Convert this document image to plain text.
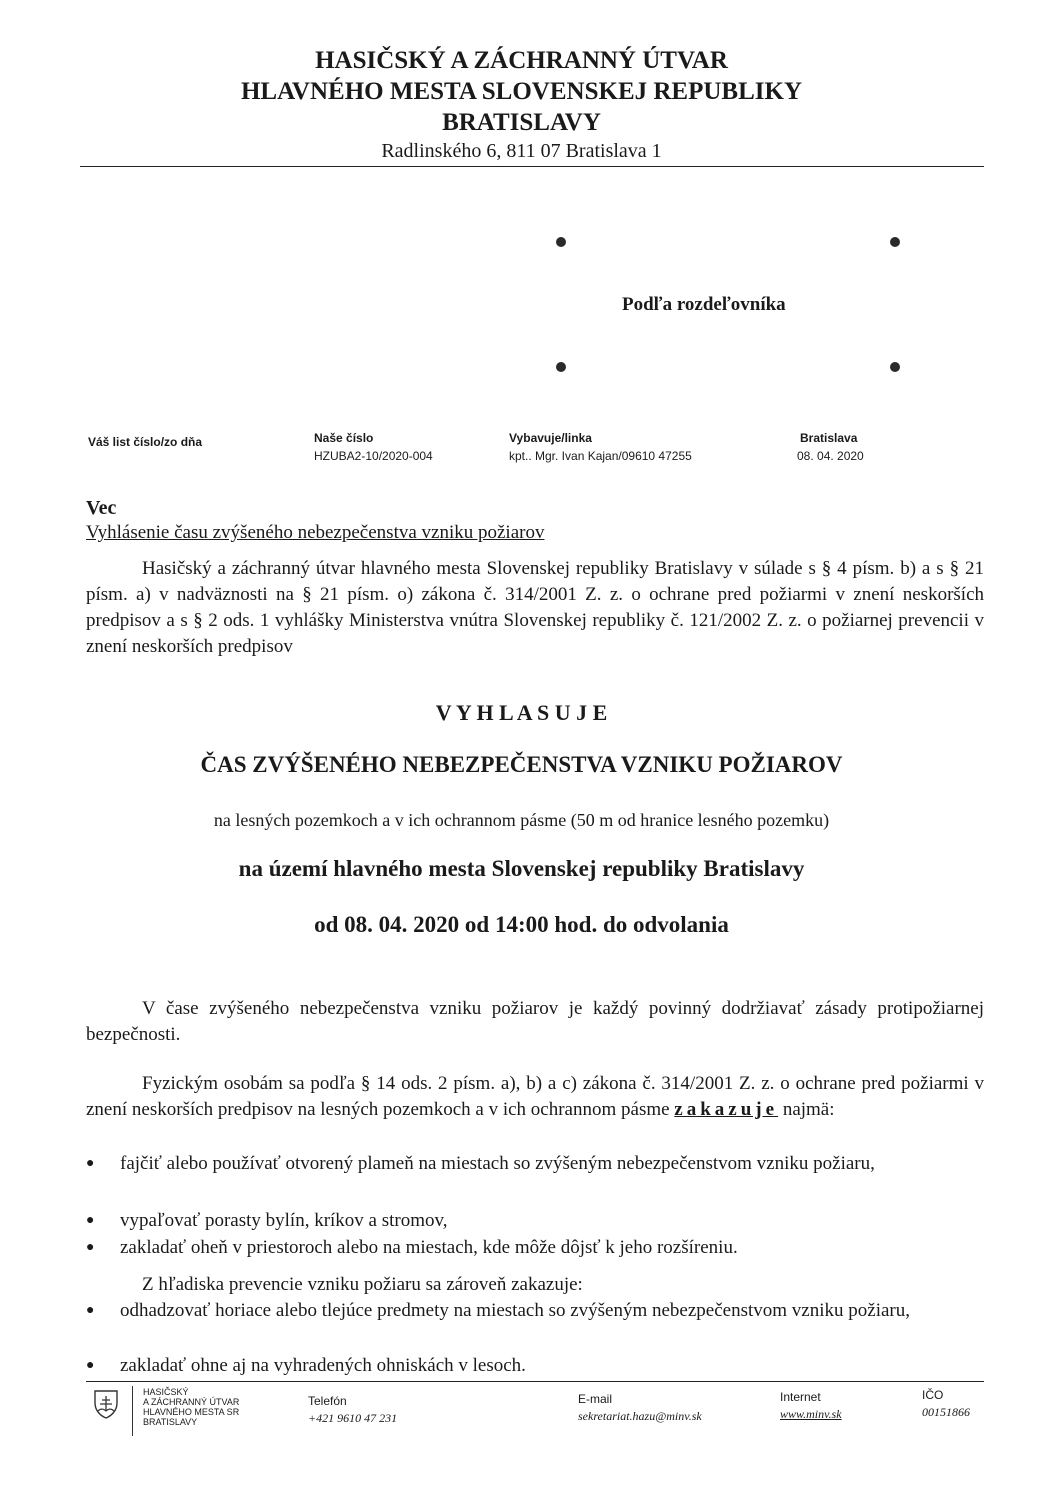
HASIČSKÝ A ZÁCHRANNÝ ÚTVAR
HLAVNÉHO MESTA SLOVENSKEJ REPUBLIKY
BRATISLAVY
Radlinského 6, 811 07 Bratislava 1
Podľa rozdeľovníka
Váš list číslo/zo dňa	Naše číslo
HZUBA2-10/2020-004
Vybavuje/linka
kpt.. Mgr. Ivan Kajan/09610 47255
Bratislava
08. 04. 2020
Vec
Vyhlásenie času zvýšeného nebezpečenstva vzniku požiarov
Hasičský a záchranný útvar hlavného mesta Slovenskej republiky Bratislavy v súlade s § 4 písm. b) a s § 21 písm. a) v nadväznosti na § 21 písm. o) zákona č. 314/2001 Z. z. o ochrane pred požiarmi v znení neskorších predpisov a s § 2 ods. 1 vyhlášky Ministerstva vnútra Slovenskej republiky č. 121/2002 Z. z. o požiarnej prevencii v znení neskorších predpisov
V Y H L A S U J E
ČAS ZVÝŠENÉHO NEBEZPEČENSTVA VZNIKU POŽIAROV
na lesných pozemkoch a v ich ochrannom pásme (50 m od hranice lesného pozemku)
na území hlavného mesta Slovenskej republiky Bratislavy
od 08. 04. 2020 od 14:00 hod. do odvolania
V čase zvýšeného nebezpečenstva vzniku požiarov je každý povinný dodržiavať zásady protipožiarnej bezpečnosti.
Fyzickým osobám sa podľa § 14 ods. 2 písm. a), b) a c) zákona č. 314/2001 Z. z. o ochrane pred požiarmi v znení neskorších predpisov na lesných pozemkoch a v ich ochrannom pásme zakazuje najmä:
● fajčiť alebo používať otvorený plameň na miestach so zvýšeným nebezpečenstvom vzniku požiaru,
● vypaľovať porasty bylín, kríkov a stromov,
● zakladať oheň v priestoroch alebo na miestach, kde môže dôjsť k jeho rozšíreniu.
Z hľadiska prevencie vzniku požiaru sa zároveň zakazuje:
● odhadzovať horiace alebo tlejúce predmety na miestach so zvýšeným nebezpečenstvom vzniku požiaru,
● zakladať ohne aj na vyhradených ohniskách v lesoch.
HASIČSKÝ
A ZÁCHRANNÝ ÚTVAR
HLAVNÉHO MESTA SR
BRATISLAVY
Telefón
+421 9610 47 231
E-mail
sekretariat.hazu@minv.sk
Internet
www.minv.sk
IČO
00151866
